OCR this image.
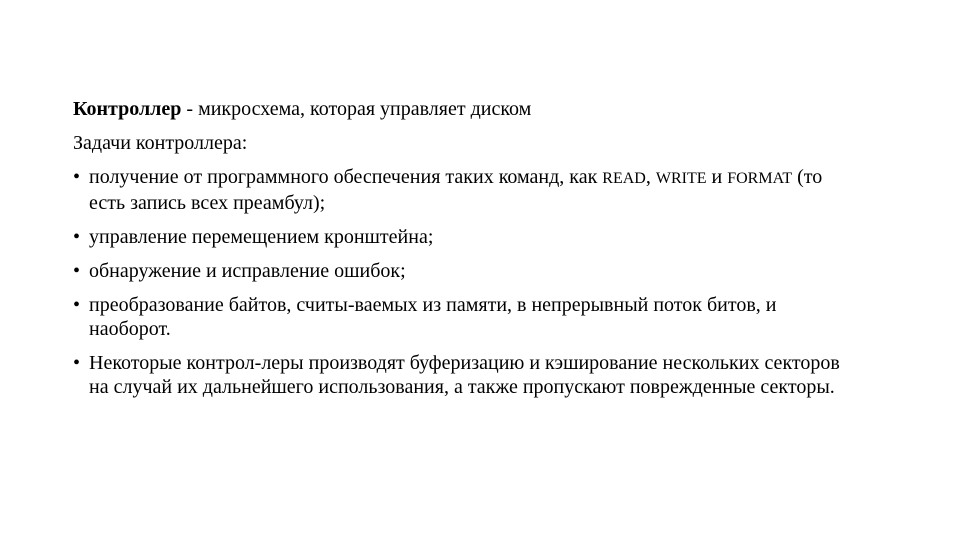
Контроллер - микросхема, которая управляет диском
Задачи контроллера:
• получение от программного обеспечения таких команд, как READ, WRITE и FORMAT (то есть запись всех преамбул);
• управление перемещением кронштейна;
• обнаружение и исправление ошибок;
• преобразование байтов, считы-ваемых из памяти, в непрерывный поток битов, и наоборот.
• Некоторые контрол-леры производят буферизацию и кэширование нескольких секторов на случай их дальнейшего использования, а также пропускают поврежденные секторы.
